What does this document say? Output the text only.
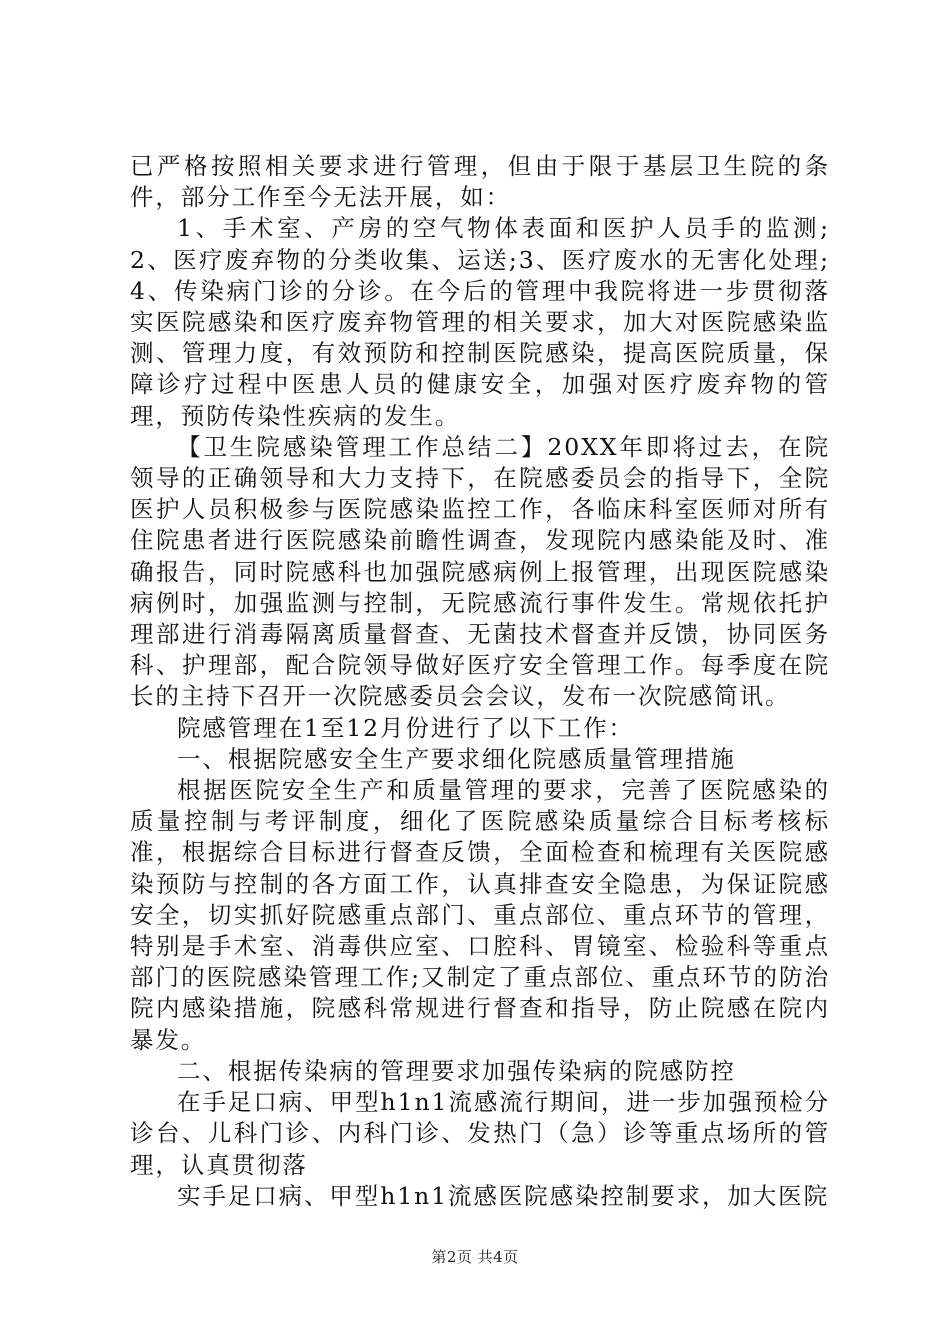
已严格按照相关要求进行管理，但由于限于基层卫生院的条件，部分工作至今无法开展，如：

1、手术室、产房的空气物体表面和医护人员手的监测;2、医疗废弃物的分类收集、运送;3、医疗废水的无害化处理;4、传染病门诊的分诊。在今后的管理中我院将进一步贯彻落实医院感染和医疗废弃物管理的相关要求，加大对医院感染监测、管理力度，有效预防和控制医院感染，提高医院质量，保障诊疗过程中医患人员的健康安全，加强对医疗废弃物的管理，预防传染性疾病的发生。

【卫生院感染管理工作总结二】20XX年即将过去，在院领导的正确领导和大力支持下，在院感委员会的指导下，全院医护人员积极参与医院感染监控工作，各临床科室医师对所有住院患者进行医院感染前瞻性调查，发现院内感染能及时、准确报告，同时院感科也加强院感病例上报管理，出现医院感染病例时，加强监测与控制，无院感流行事件发生。常规依托护理部进行消毒隔离质量督查、无菌技术督查并反馈，协同医务科、护理部，配合院领导做好医疗安全管理工作。每季度在院长的主持下召开一次院感委员会会议，发布一次院感简讯。

院感管理在1至12月份进行了以下工作：

一、根据院感安全生产要求细化院感质量管理措施

根据医院安全生产和质量管理的要求，完善了医院感染的质量控制与考评制度，细化了医院感染质量综合目标考核标准，根据综合目标进行督查反馈，全面检查和梳理有关医院感染预防与控制的各方面工作，认真排查安全隐患，为保证院感安全，切实抓好院感重点部门、重点部位、重点环节的管理，特别是手术室、消毒供应室、口腔科、胃镜室、检验科等重点部门的医院感染管理工作;又制定了重点部位、重点环节的防治院内感染措施，院感科常规进行督查和指导，防止院感在院内暴发。

二、根据传染病的管理要求加强传染病的院感防控

在手足口病、甲型h1n1流感流行期间，进一步加强预检分诊台、儿科门诊、内科门诊、发热门（急）诊等重点场所的管理，认真贯彻落

实手足口病、甲型h1n1流感医院感染控制要求，加大医院

第2页 共4页
